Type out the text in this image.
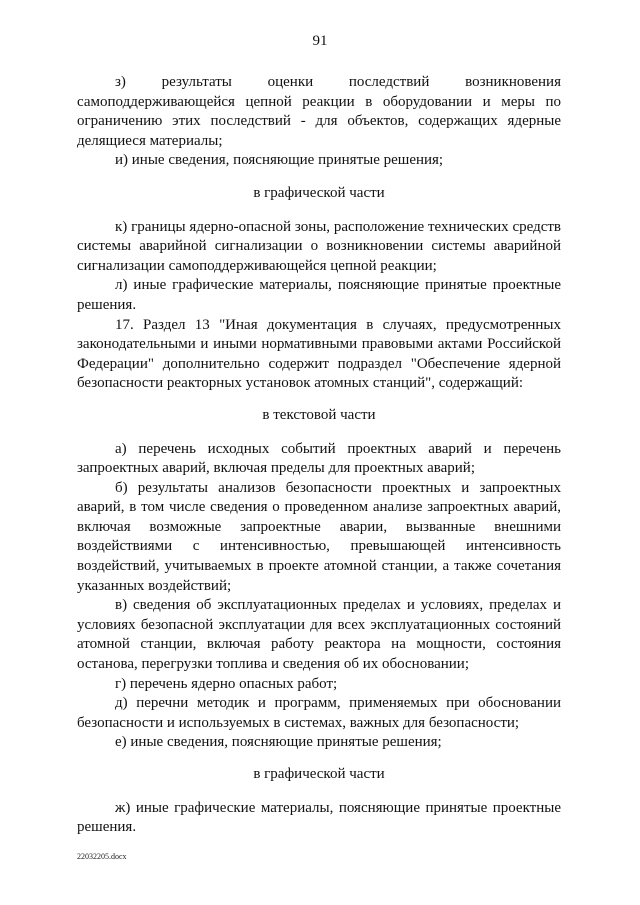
91

з) результаты оценки последствий возникновения самоподдерживающейся цепной реакции в оборудовании и меры по ограничению этих последствий - для объектов, содержащих ядерные делящиеся материалы;

и) иные сведения, поясняющие принятые решения;

в графической части

к) границы ядерно-опасной зоны, расположение технических средств системы аварийной сигнализации о возникновении системы аварийной сигнализации самоподдерживающейся цепной реакции;

л) иные графические материалы, поясняющие принятые проектные решения.

17. Раздел 13 "Иная документация в случаях, предусмотренных законодательными и иными нормативными правовыми актами Российской Федерации" дополнительно содержит подраздел "Обеспечение ядерной безопасности реакторных установок атомных станций", содержащий:

в текстовой части

а) перечень исходных событий проектных аварий и перечень запроектных аварий, включая пределы для проектных аварий;

б) результаты анализов безопасности проектных и запроектных аварий, в том числе сведения о проведенном анализе запроектных аварий, включая возможные запроектные аварии, вызванные внешними воздействиями с интенсивностью, превышающей интенсивность воздействий, учитываемых в проекте атомной станции, а также сочетания указанных воздействий;

в) сведения об эксплуатационных пределах и условиях, пределах и условиях безопасной эксплуатации для всех эксплуатационных состояний атомной станции, включая работу реактора на мощности, состояния останова, перегрузки топлива и сведения об их обосновании;

г) перечень ядерно опасных работ;

д) перечни методик и программ, применяемых при обосновании безопасности и используемых в системах, важных для безопасности;

е) иные сведения, поясняющие принятые решения;

в графической части

ж) иные графические материалы, поясняющие принятые проектные решения.

22032205.docx
